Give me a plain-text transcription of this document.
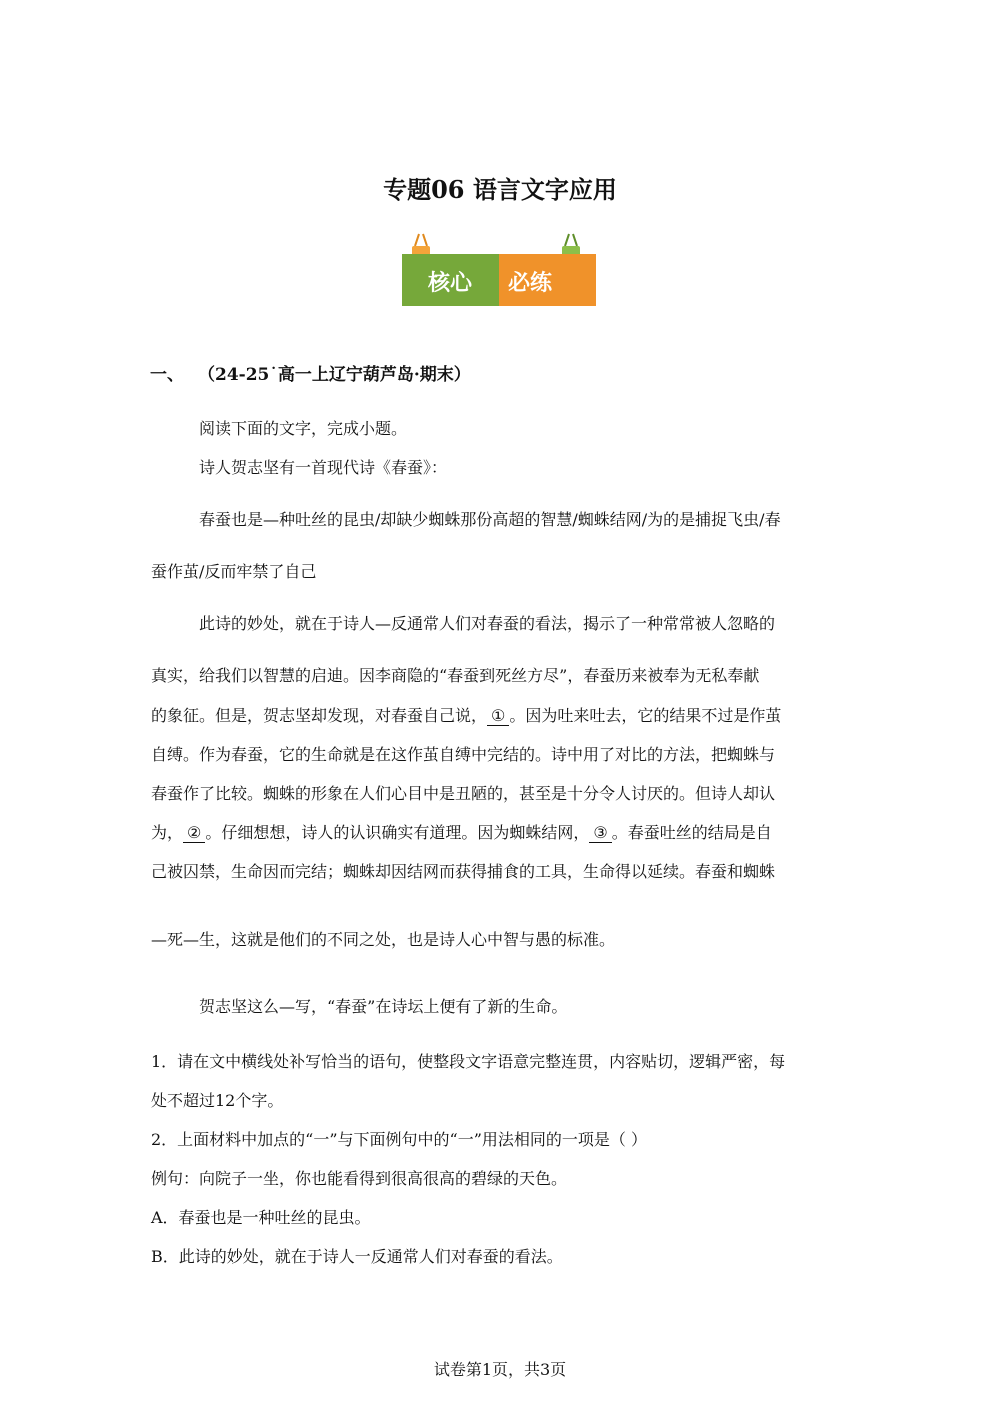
专题06 语言文字应用
核心 必练
一、 （24-25˙高一上辽宁葫芦岛·期末）
阅读下面的文字，完成小题。
诗人贺志坚有一首现代诗《春蚕》：
春蚕也是—种吐丝的昆虫/却缺少蜘蛛那份高超的智慧/蜘蛛结网/为的是捕捉飞虫/春
蚕作茧/反而牢禁了自己
此诗的妙处，就在于诗人—反通常人们对春蚕的看法，揭示了一种常常被人忽略的
真实，给我们以智慧的启迪。因李商隐的“春蚕到死丝方尽”，春蚕历来被奉为无私奉献
的象征。但是，贺志坚却发现，对春蚕自己说， ① 。因为吐来吐去，它的结果不过是作茧
自缚。作为春蚕，它的生命就是在这作茧自缚中完结的。诗中用了对比的方法，把蜘蛛与
春蚕作了比较。蜘蛛的形象在人们心目中是丑陋的，甚至是十分令人讨厌的。但诗人却认
为， ② 。仔细想想，诗人的认识确实有道理。因为蜘蛛结网， ③ 。春蚕吐丝的结局是自
己被囚禁，生命因而完结；蜘蛛却因结网而获得捕食的工具，生命得以延续。春蚕和蜘蛛
—死—生，这就是他们的不同之处，也是诗人心中智与愚的标准。
贺志坚这么—写，“春蚕”在诗坛上便有了新的生命。
1．请在文中横线处补写恰当的语句，使整段文字语意完整连贯，内容贴切，逻辑严密，每
处不超过12个字。
2．上面材料中加点的“一”与下面例句中的“一”用法相同的一项是（ ）
例句：向院子一坐，你也能看得到很高很高的碧绿的天色。
A．春蚕也是一种吐丝的昆虫。
B．此诗的妙处，就在于诗人一反通常人们对春蚕的看法。
试卷第1页，共3页
